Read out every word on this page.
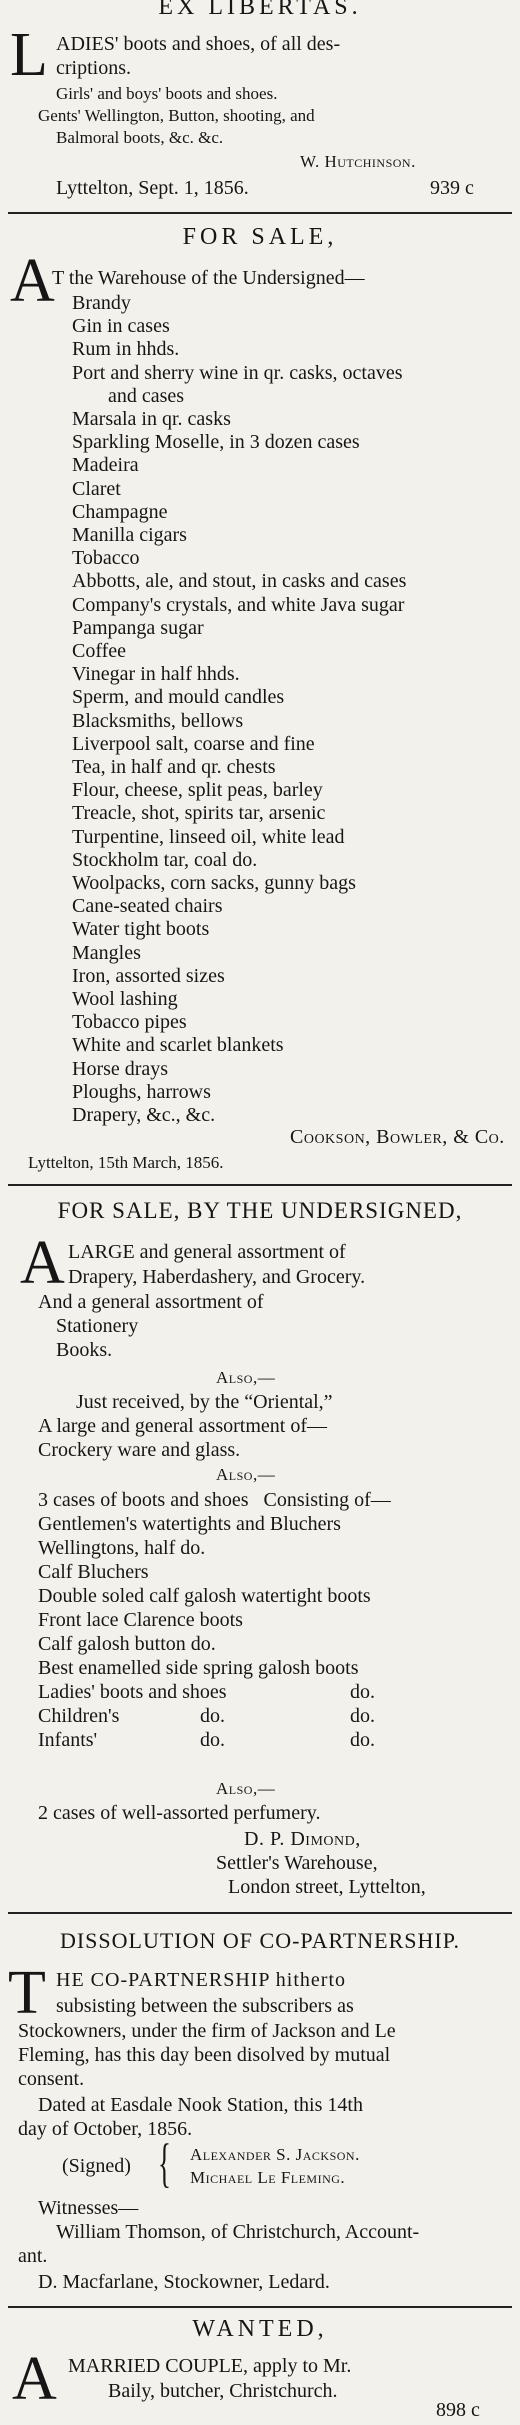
EX LIBERTAS.
L ADIES' boots and shoes, of all des-
criptions.
Girls' and boys' boots and shoes.
Gents' Wellington, Button, shooting, and
Balmoral boots, &c. &c.
W. Hutchinson.
Lyttelton, Sept. 1, 1856.	939 c
FOR SALE,
A
T the Warehouse of the Undersigned—
Brandy
Gin in cases
Rum in hhds.
Port and sherry wine in qr. casks, octaves
and cases
Marsala in qr. casks
Sparkling Moselle, in 3 dozen cases
Madeira
Claret
Champagne
Manilla cigars
Tobacco
Abbotts, ale, and stout, in casks and cases
Company's crystals, and white Java sugar
Pampanga sugar
Coffee
Vinegar in half hhds.
Sperm, and mould candles
Blacksmiths, bellows
Liverpool salt, coarse and fine
Tea, in half and qr. chests
Flour, cheese, split peas, barley
Treacle, shot, spirits tar, arsenic
Turpentine, linseed oil, white lead
Stockholm tar, coal do.
Woolpacks, corn sacks, gunny bags
Cane-seated chairs
Water tight boots
Mangles
Iron, assorted sizes
Wool lashing
Tobacco pipes
White and scarlet blankets
Horse drays
Ploughs, harrows
Drapery, &c., &c.
Cookson, Bowler, & Co.
Lyttelton, 15th March, 1856.
FOR SALE, BY THE UNDERSIGNED,
A LARGE and general assortment of
Drapery, Haberdashery, and Grocery.
And a general assortment of
Stationery
Books.
Also,—
Just received, by the “Oriental,”
A large and general assortment of—
Crockery ware and glass.
Also,—
3 cases of boots and shoes   Consisting of—
Gentlemen's watertights and Bluchers
Wellingtons, half do.
Calf Bluchers
Double soled calf galosh watertight boots
Front lace Clarence boots
Calf galosh button do.
Best enamelled side spring galosh boots
Ladies' boots and shoes	do.
Children's	do.	do.
Infants'	do.	do.
Also,—
2 cases of well-assorted perfumery.
D. P. Dimond,
Settler's Warehouse,
London street, Lyttelton,
DISSOLUTION OF CO-PARTNERSHIP.
T HE CO-PARTNERSHIP hitherto
subsisting between the subscribers as
Stockowners, under the firm of Jackson and Le
Fleming, has this day been disolved by mutual
consent.
Dated at Easdale Nook Station, this 14th
day of October, 1856.
(Signed) { Alexander S. Jackson.
Michael Le Fleming.
Witnesses—
William Thomson, of Christchurch, Account-
ant.
D. Macfarlane, Stockowner, Ledard.
WANTED,
A MARRIED COUPLE, apply to Mr.
Baily, butcher, Christchurch.
898 c
